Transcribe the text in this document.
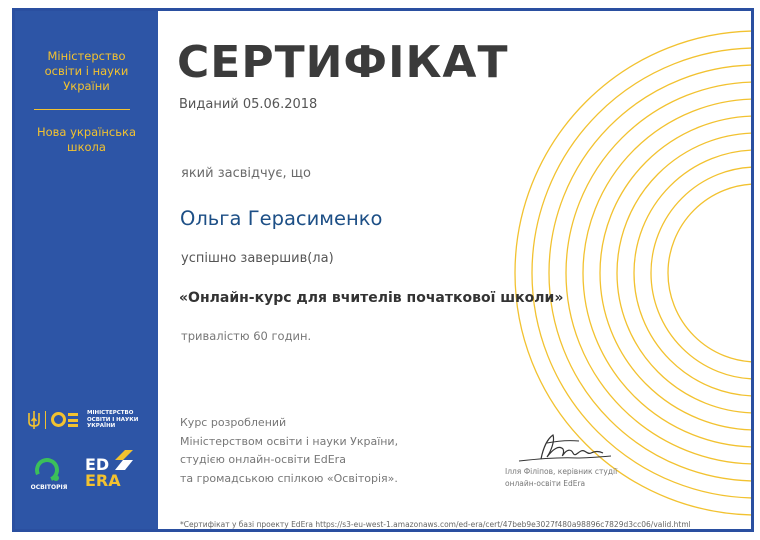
Міністерство
освіти і науки
України
Нова українська
школа
МІНІСТЕРСТВО
ОСВІТИ І НАУКИ
УКРАЇНИ
ОСВІТОРІЯ
ED
ERA
СЕРТИФІКАТ
Виданий 05.06.2018
який засвідчує, що
Ольга Герасименко
успішно завершив(ла)
«Онлайн-курс для вчителів початкової школи»
тривалістю 60 годин.
Курс розроблений
Міністерством освіти і науки України,
студією онлайн-освіти EdEra
та громадською спілкою «Освіторія».	Ілля Філіпов, керівник студії
онлайн-освіти EdEra
*Сертифікат у базі проекту EdEra https://s3-eu-west-1.amazonaws.com/ed-era/cert/47beb9e3027f480a98896c7829d3cc06/valid.html
